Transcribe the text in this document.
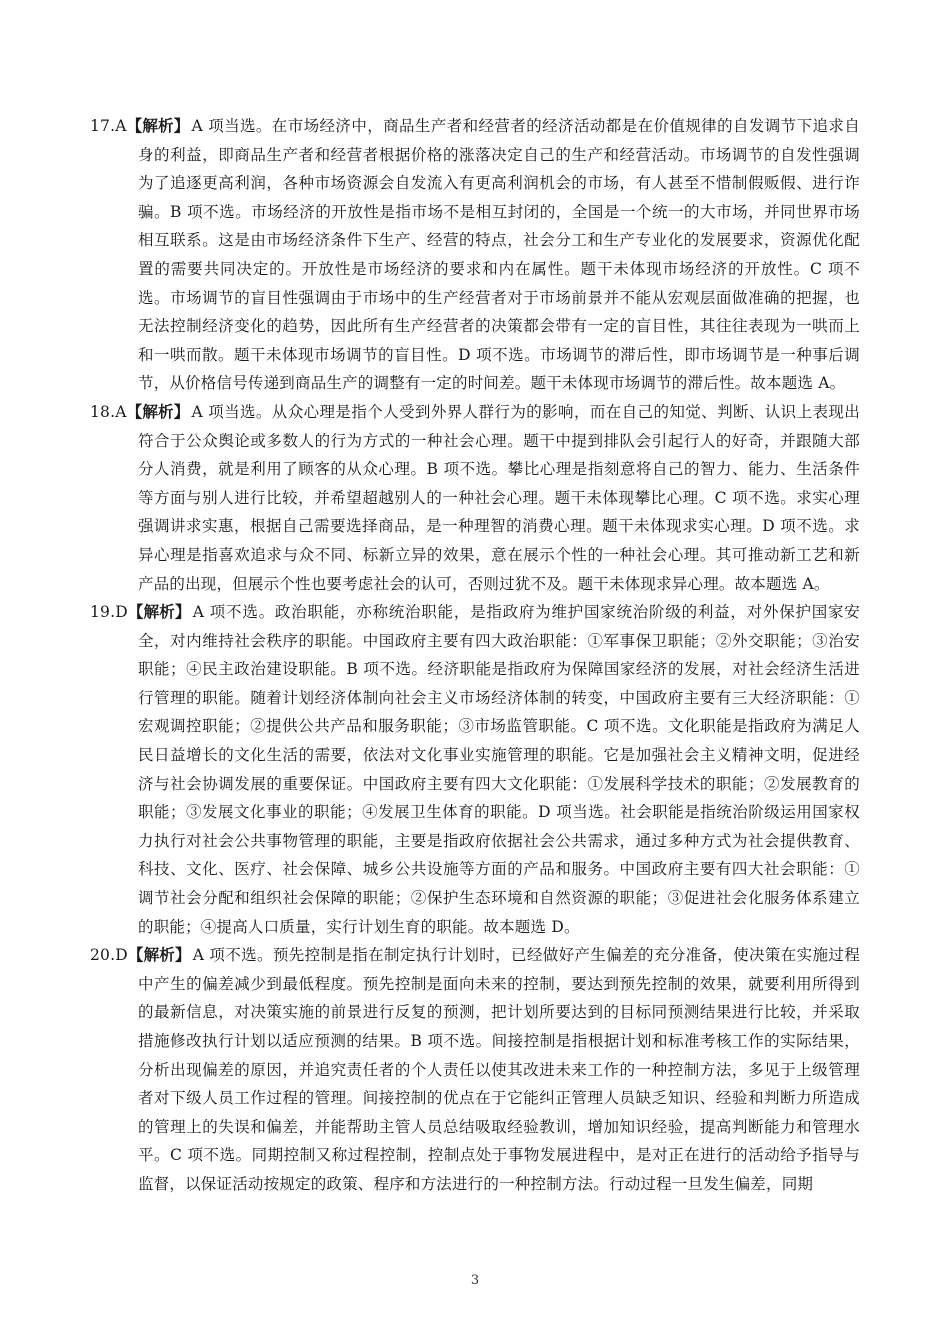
17.A【解析】 A 项当选。在市场经济中，商品生产者和经营者的经济活动都是在价值规律的自发调节下追求自身的利益，即商品生产者和经营者根据价格的涨落决定自己的生产和经营活动。市场调节的自发性强调为了追逐更高利润，各种市场资源会自发流入有更高利润机会的市场，有人甚至不惜制假贩假、进行诈骗。B 项不选。市场经济的开放性是指市场不是相互封闭的，全国是一个统一的大市场，并同世界市场相互联系。这是由市场经济条件下生产、经营的特点，社会分工和生产专业化的发展要求，资源优化配置的需要共同决定的。开放性是市场经济的要求和内在属性。题干未体现市场经济的开放性。C 项不选。市场调节的盲目性强调由于市场中的生产经营者对于市场前景并不能从宏观层面做准确的把握，也无法控制经济变化的趋势，因此所有生产经营者的决策都会带有一定的盲目性，其往往表现为一哄而上和一哄而散。题干未体现市场调节的盲目性。D 项不选。市场调节的滞后性，即市场调节是一种事后调节，从价格信号传递到商品生产的调整有一定的时间差。题干未体现市场调节的滞后性。故本题选 A。
18.A【解析】 A 项当选。从众心理是指个人受到外界人群行为的影响，而在自己的知觉、判断、认识上表现出符合于公众舆论或多数人的行为方式的一种社会心理。题干中提到排队会引起行人的好奇，并跟随大部分人消费，就是利用了顾客的从众心理。B 项不选。攀比心理是指刻意将自己的智力、能力、生活条件等方面与别人进行比较，并希望超越别人的一种社会心理。题干未体现攀比心理。C 项不选。求实心理强调讲求实惠，根据自己需要选择商品，是一种理智的消费心理。题干未体现求实心理。D 项不选。求异心理是指喜欢追求与众不同、标新立异的效果，意在展示个性的一种社会心理。其可推动新工艺和新产品的出现，但展示个性也要考虑社会的认可，否则过犹不及。题干未体现求异心理。故本题选 A。
19.D【解析】 A 项不选。政治职能，亦称统治职能，是指政府为维护国家统治阶级的利益，对外保护国家安全，对内维持社会秩序的职能。中国政府主要有四大政治职能：①军事保卫职能；②外交职能；③治安职能；④民主政治建设职能。B 项不选。经济职能是指政府为保障国家经济的发展，对社会经济生活进行管理的职能。随着计划经济体制向社会主义市场经济体制的转变，中国政府主要有三大经济职能：①宏观调控职能；②提供公共产品和服务职能；③市场监管职能。C 项不选。文化职能是指政府为满足人民日益增长的文化生活的需要，依法对文化事业实施管理的职能。它是加强社会主义精神文明，促进经济与社会协调发展的重要保证。中国政府主要有四大文化职能：①发展科学技术的职能；②发展教育的职能；③发展文化事业的职能；④发展卫生体育的职能。D 项当选。社会职能是指统治阶级运用国家权力执行对社会公共事物管理的职能，主要是指政府依据社会公共需求，通过多种方式为社会提供教育、科技、文化、医疗、社会保障、城乡公共设施等方面的产品和服务。中国政府主要有四大社会职能：①调节社会分配和组织社会保障的职能；②保护生态环境和自然资源的职能；③促进社会化服务体系建立的职能；④提高人口质量，实行计划生育的职能。故本题选 D。
20.D【解析】 A 项不选。预先控制是指在制定执行计划时，已经做好产生偏差的充分准备，使决策在实施过程中产生的偏差减少到最低程度。预先控制是面向未来的控制，要达到预先控制的效果，就要利用所得到的最新信息，对决策实施的前景进行反复的预测，把计划所要达到的目标同预测结果进行比较，并采取措施修改执行计划以适应预测的结果。B 项不选。间接控制是指根据计划和标准考核工作的实际结果，分析出现偏差的原因，并追究责任者的个人责任以使其改进未来工作的一种控制方法，多见于上级管理者对下级人员工作过程的管理。间接控制的优点在于它能纠正管理人员缺乏知识、经验和判断力所造成的管理上的失误和偏差，并能帮助主管人员总结吸取经验教训，增加知识经验，提高判断能力和管理水平。C 项不选。同期控制又称过程控制，控制点处于事物发展进程中，是对正在进行的活动给予指导与监督，以保证活动按规定的政策、程序和方法进行的一种控制方法。行动过程一旦发生偏差，同期
3
